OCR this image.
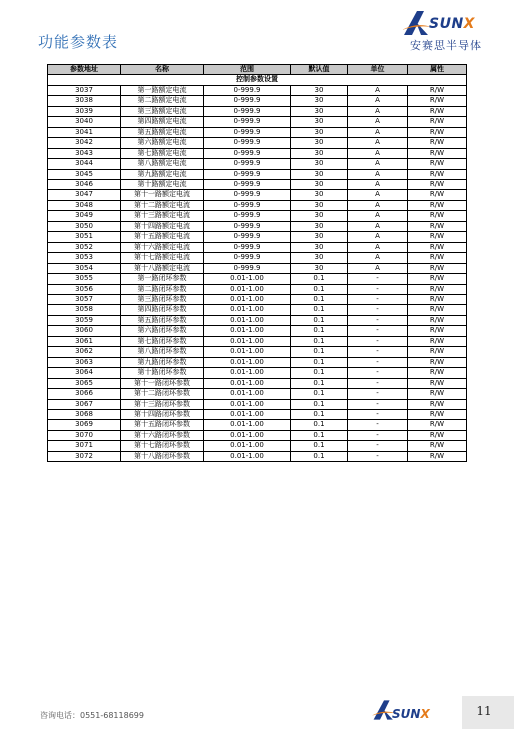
功能参数表
SUNX
安赛思半导体
参数地址	名称	范围	默认值	单位	属性
控制参数设置					
3037	第一路额定电流	0-999.9	30	A	R/W
3038	第二路额定电流	0-999.9	30	A	R/W
3039	第三路额定电流	0-999.9	30	A	R/W
3040	第四路额定电流	0-999.9	30	A	R/W
3041	第五路额定电流	0-999.9	30	A	R/W
3042	第六路额定电流	0-999.9	30	A	R/W
3043	第七路额定电流	0-999.9	30	A	R/W
3044	第八路额定电流	0-999.9	30	A	R/W
3045	第九路额定电流	0-999.9	30	A	R/W
3046	第十路额定电流	0-999.9	30	A	R/W
3047	第十一路额定电流	0-999.9	30	A	R/W
3048	第十二路额定电流	0-999.9	30	A	R/W
3049	第十三路额定电流	0-999.9	30	A	R/W
3050	第十四路额定电流	0-999.9	30	A	R/W
3051	第十五路额定电流	0-999.9	30	A	R/W
3052	第十六路额定电流	0-999.9	30	A	R/W
3053	第十七路额定电流	0-999.9	30	A	R/W
3054	第十八路额定电流	0-999.9	30	A	R/W
3055	第一路闭环参数	0.01-1.00	0.1	-	R/W
3056	第二路闭环参数	0.01-1.00	0.1	-	R/W
3057	第三路闭环参数	0.01-1.00	0.1	-	R/W
3058	第四路闭环参数	0.01-1.00	0.1	-	R/W
3059	第五路闭环参数	0.01-1.00	0.1	-	R/W
3060	第六路闭环参数	0.01-1.00	0.1	-	R/W
3061	第七路闭环参数	0.01-1.00	0.1	-	R/W
3062	第八路闭环参数	0.01-1.00	0.1	-	R/W
3063	第九路闭环参数	0.01-1.00	0.1	-	R/W
3064	第十路闭环参数	0.01-1.00	0.1	-	R/W
3065	第十一路闭环参数	0.01-1.00	0.1	-	R/W
3066	第十二路闭环参数	0.01-1.00	0.1	-	R/W
3067	第十三路闭环参数	0.01-1.00	0.1	-	R/W
3068	第十四路闭环参数	0.01-1.00	0.1	-	R/W
3069	第十五路闭环参数	0.01-1.00	0.1	-	R/W
3070	第十六路闭环参数	0.01-1.00	0.1	-	R/W
3071	第十七路闭环参数	0.01-1.00	0.1	-	R/W
3072	第十八路闭环参数	0.01-1.00	0.1	-	R/W
咨询电话：0551-68118699	SUNX	11
